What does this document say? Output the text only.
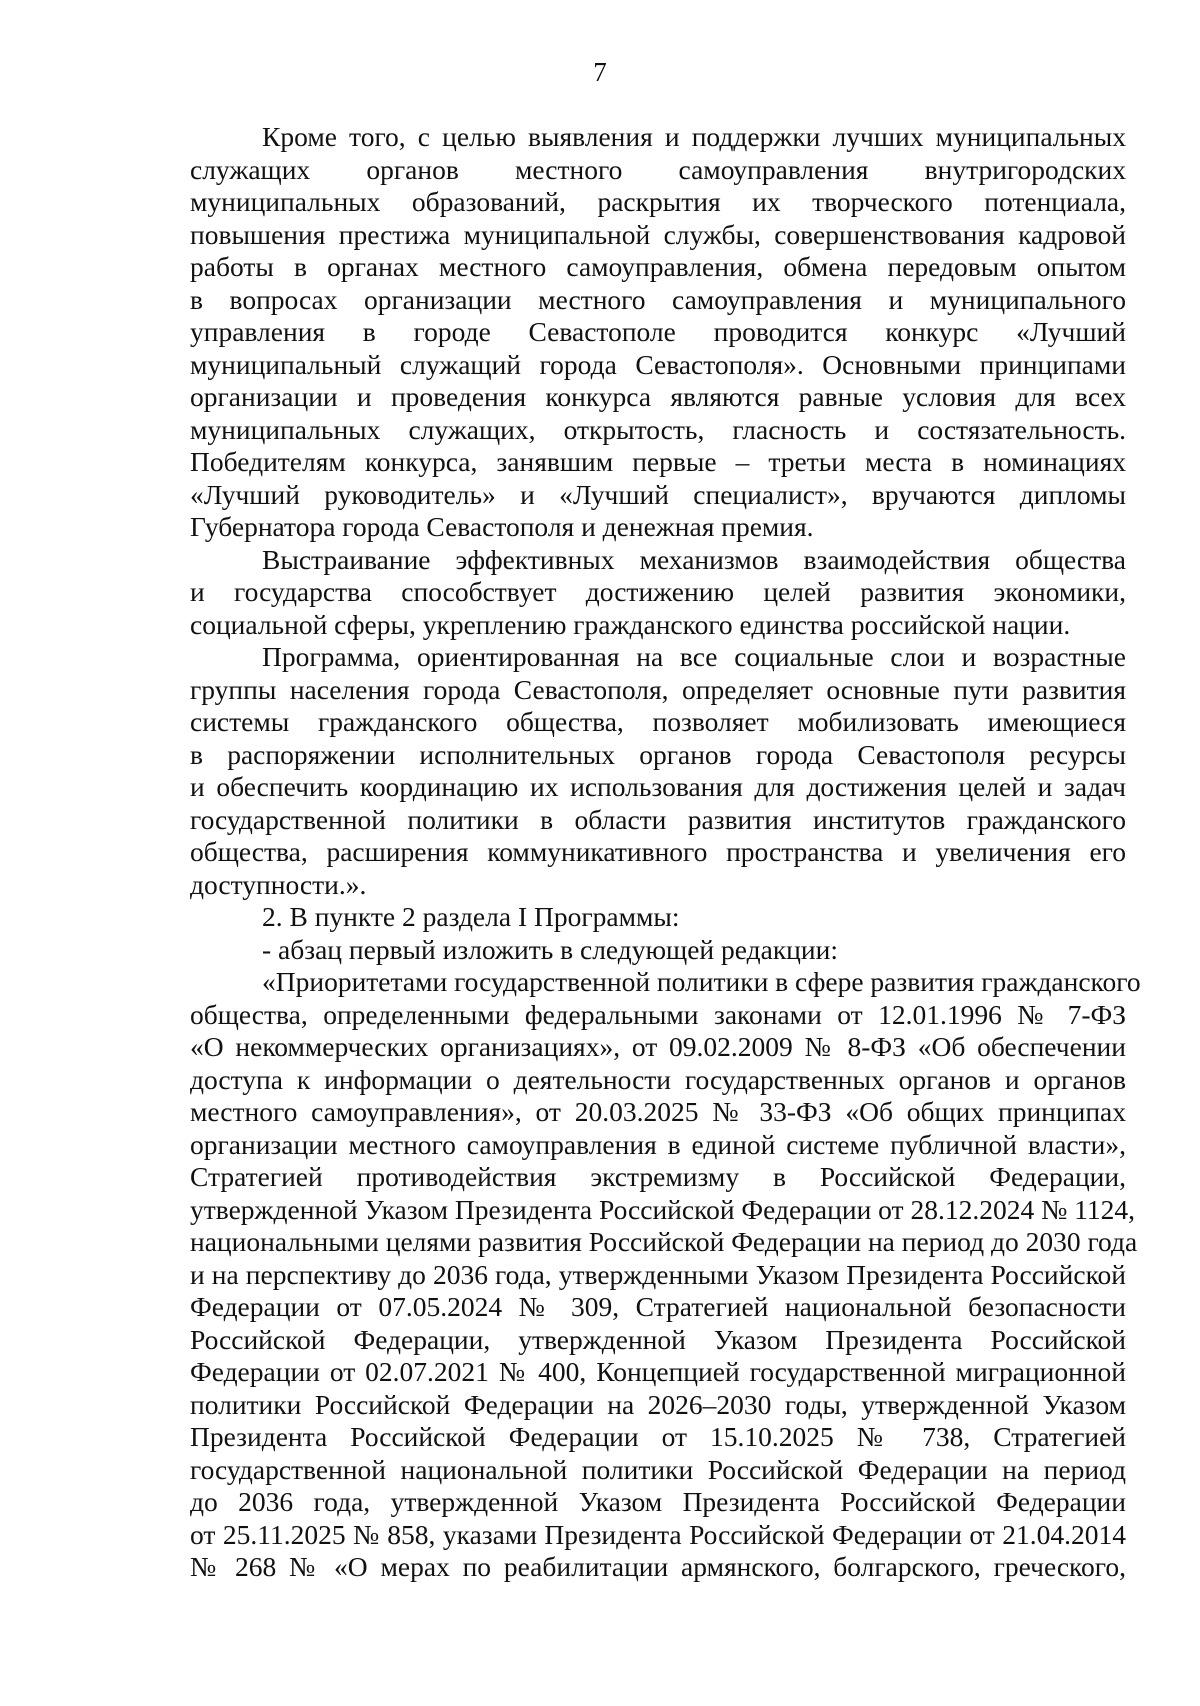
7
Кроме того, с целью выявления и поддержки лучших муниципальных
служащих органов местного самоуправления внутригородских
муниципальных образований, раскрытия их творческого потенциала,
повышения престижа муниципальной службы, совершенствования кадровой
работы в органах местного самоуправления, обмена передовым опытом
в вопросах организации местного самоуправления и муниципального
управления в городе Севастополе проводится конкурс «Лучший
муниципальный служащий города Севастополя». Основными принципами
организации и проведения конкурса являются равные условия для всех
муниципальных служащих, открытость, гласность и состязательность.
Победителям конкурса, занявшим первые – третьи места в номинациях
«Лучший руководитель» и «Лучший специалист», вручаются дипломы
Губернатора города Севастополя и денежная премия.
Выстраивание эффективных механизмов взаимодействия общества
и государства способствует достижению целей развития экономики,
социальной сферы, укреплению гражданского единства российской нации.
Программа, ориентированная на все социальные слои и возрастные
группы населения города Севастополя, определяет основные пути развития
системы гражданского общества, позволяет мобилизовать имеющиеся
в распоряжении исполнительных органов города Севастополя ресурсы
и обеспечить координацию их использования для достижения целей и задач
государственной политики в области развития институтов гражданского
общества, расширения коммуникативного пространства и увеличения его
доступности.».
2. В пункте 2 раздела I Программы:
- абзац первый изложить в следующей редакции:
«Приоритетами государственной политики в сфере развития гражданского
общества, определенными федеральными законами от 12.01.1996 № 7-ФЗ
«О некоммерческих организациях», от 09.02.2009 № 8-ФЗ «Об обеспечении
доступа к информации о деятельности государственных органов и органов
местного самоуправления», от 20.03.2025 № 33-ФЗ «Об общих принципах
организации местного самоуправления в единой системе публичной власти»,
Стратегией противодействия экстремизму в Российской Федерации,
утвержденной Указом Президента Российской Федерации от 28.12.2024 № 1124,
национальными целями развития Российской Федерации на период до 2030 года
и на перспективу до 2036 года, утвержденными Указом Президента Российской
Федерации от 07.05.2024 № 309, Стратегией национальной безопасности
Российской Федерации, утвержденной Указом Президента Российской
Федерации от 02.07.2021 № 400, Концепцией государственной миграционной
политики Российской Федерации на 2026–2030 годы, утвержденной Указом
Президента Российской Федерации от 15.10.2025 № 738, Стратегией
государственной национальной политики Российской Федерации на период
до 2036 года, утвержденной Указом Президента Российской Федерации
от 25.11.2025 № 858, указами Президента Российской Федерации от 21.04.2014
№ 268 № «О мерах по реабилитации армянского, болгарского, греческого,
